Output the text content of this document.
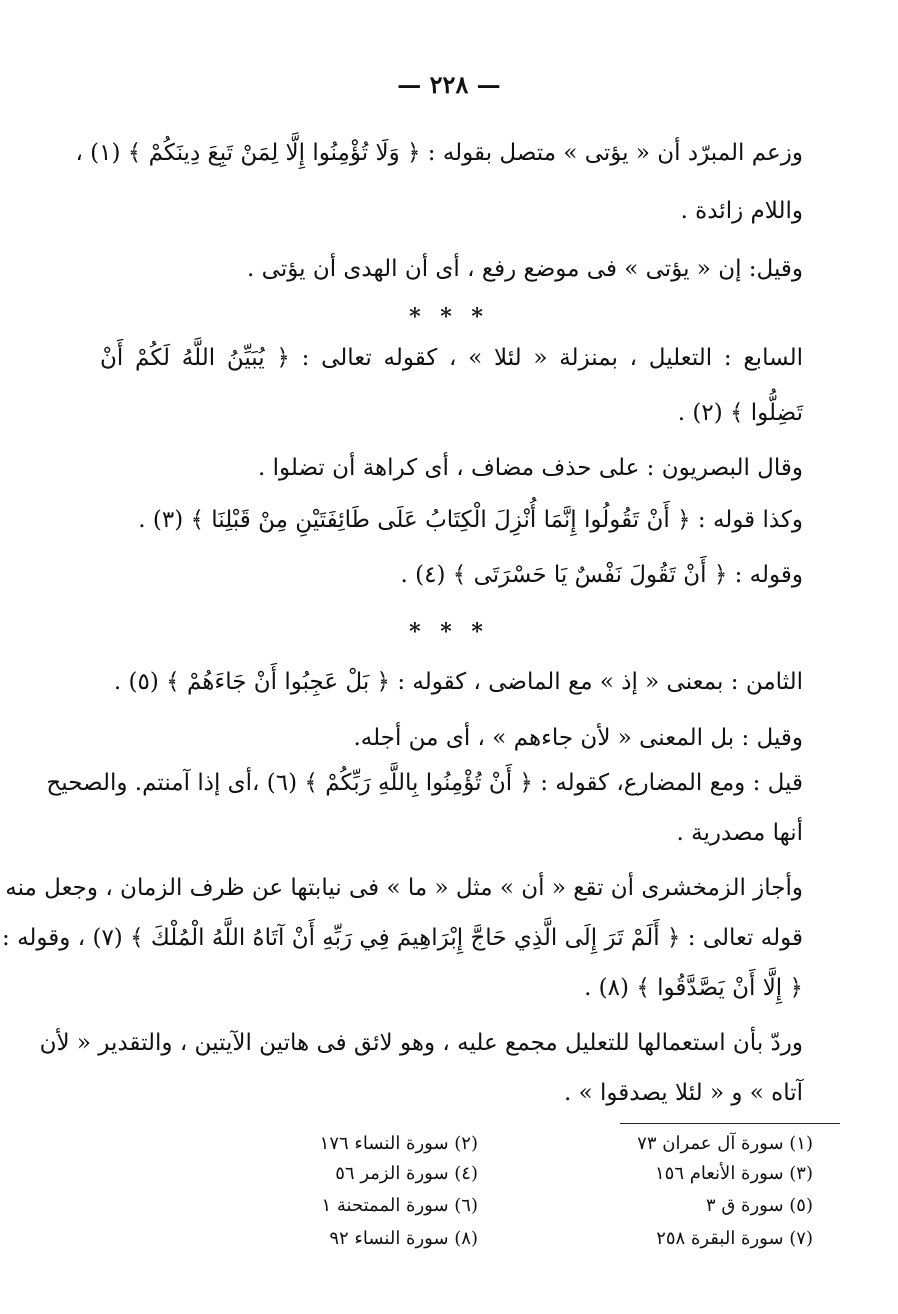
— ٢٢٨ —
وزعم المبرّد أن « يؤتى » متصل بقوله : ﴿ وَلَا تُؤْمِنُوا إِلَّا لِمَنْ تَبِعَ دِينَكُمْ ﴾ (١) ،
واللام زائدة .
وقيل: إن « يؤتى » فى موضع رفع ، أى أن الهدى أن يؤتى .
* * *
السابع : التعليل ، بمنزلة « لئلا » ، كقوله تعالى : ﴿ يُبَيِّنُ اللَّهُ لَكُمْ أَنْ
تَضِلُّوا ﴾ (٢) .
وقال البصريون : على حذف مضاف ، أى كراهة أن تضلوا .
وكذا قوله : ﴿ أَنْ تَقُولُوا إِنَّمَا أُنْزِلَ الْكِتَابُ عَلَى طَائِفَتَيْنِ مِنْ قَبْلِنَا ﴾ (٣) .
وقوله : ﴿ أَنْ تَقُولَ نَفْسٌ يَا حَسْرَتَى ﴾ (٤) .
* * *
الثامن : بمعنى « إذ » مع الماضى ، كقوله : ﴿ بَلْ عَجِبُوا أَنْ جَاءَهُمْ ﴾ (٥) .
وقيل : بل المعنى « لأن جاءهم » ، أى من أجله.
قيل : ومع المضارع، كقوله : ﴿ أَنْ تُؤْمِنُوا بِاللَّهِ رَبِّكُمْ ﴾ (٦) ،أى إذا آمنتم. والصحيح
أنها مصدرية .
وأجاز الزمخشرى أن تقع « أن » مثل « ما » فى نيابتها عن ظرف الزمان ، وجعل منه
قوله تعالى : ﴿ أَلَمْ تَرَ إِلَى الَّذِي حَاجَّ إِبْرَاهِيمَ فِي رَبِّهِ أَنْ آتَاهُ اللَّهُ الْمُلْكَ ﴾ (٧) ، وقوله :
﴿ إِلَّا أَنْ يَصَّدَّقُوا ﴾ (٨) .
وردّ بأن استعمالها للتعليل مجمع عليه ، وهو لائق فى هاتين الآيتين ، والتقدير « لأن
آتاه » و « لئلا يصدقوا » .
(١) سورة آل عمران ٧٣
(٢) سورة النساء ١٧٦
(٣) سورة الأنعام ١٥٦
(٤) سورة الزمر ٥٦
(٥) سورة ق ٣
(٦) سورة الممتحنة ١
(٧) سورة البقرة ٢٥٨
(٨) سورة النساء ٩٢
